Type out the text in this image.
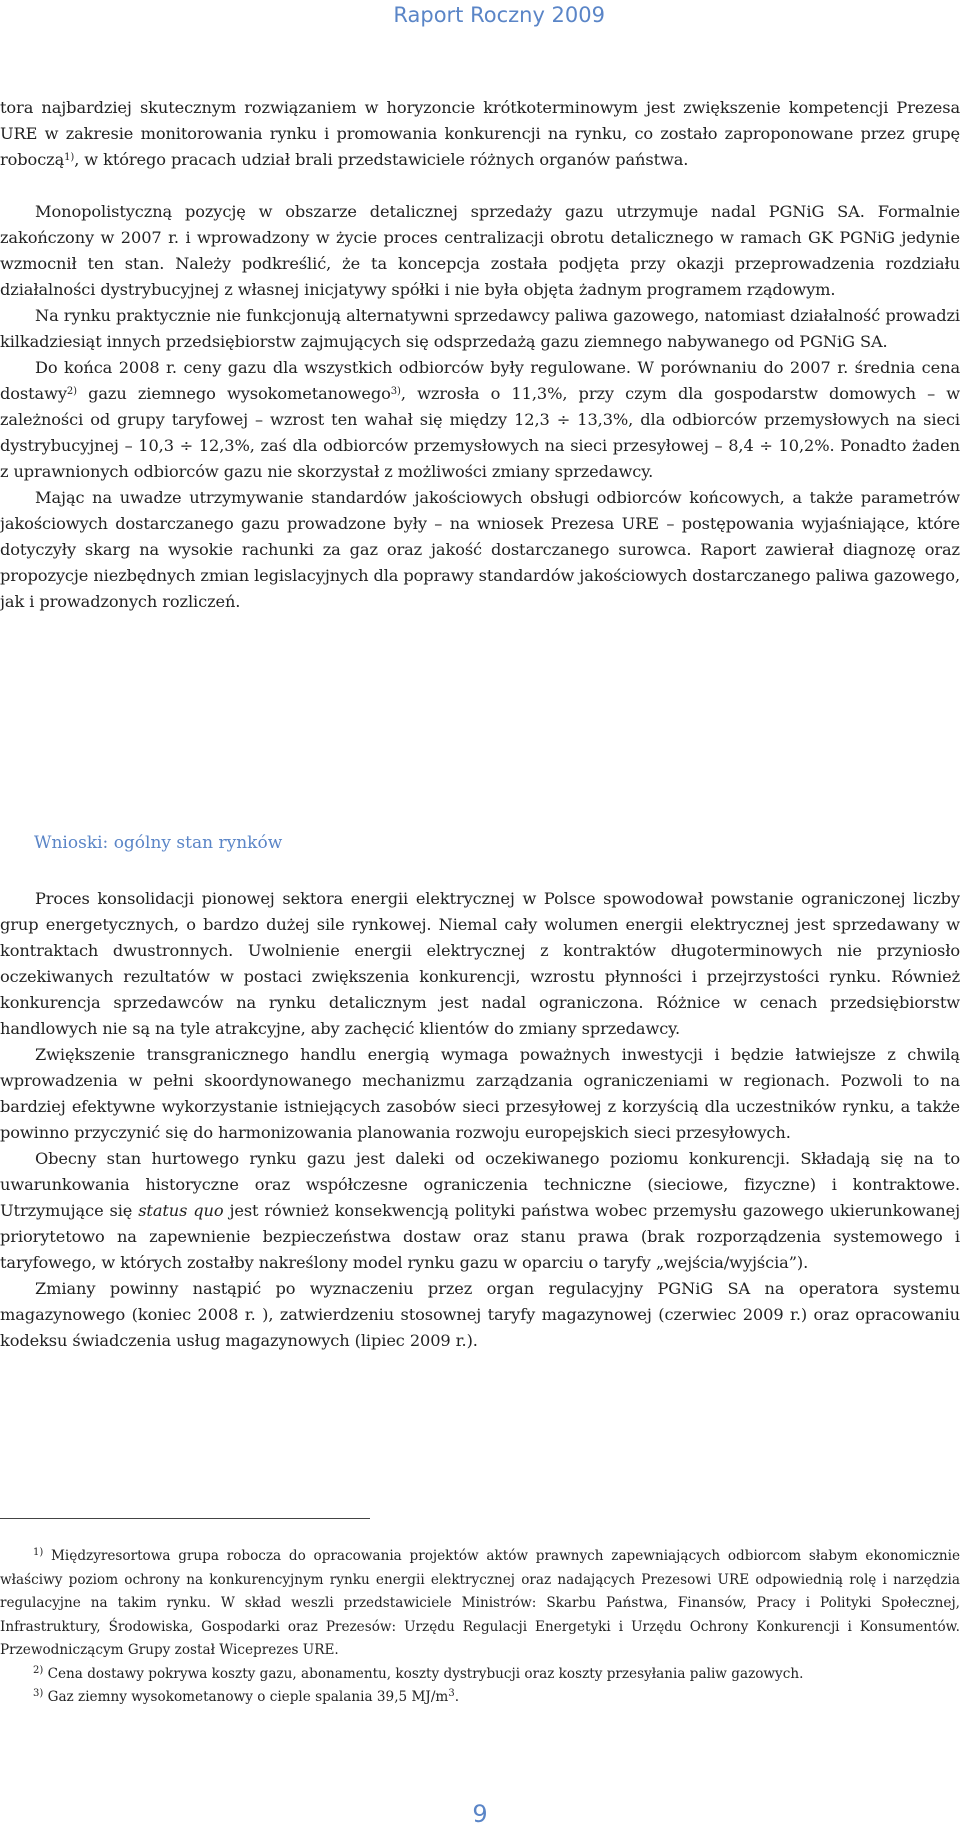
Raport Roczny 2009

tora najbardziej skutecznym rozwiązaniem w horyzoncie krótkoterminowym jest zwiększenie kompetencji Prezesa URE w zakresie monitorowania rynku i promowania konkurencji na rynku, co zostało zaproponowane przez grupę roboczą$^{1)}$, w którego pracach udział brali przedstawiciele różnych organów państwa.

Monopolistyczną pozycję w obszarze detalicznej sprzedaży gazu utrzymuje nadal PGNiG SA. Formalnie zakończony w 2007 r. i wprowadzony w życie proces centralizacji obrotu detalicznego w ramach GK PGNiG jedynie wzmocnił ten stan. Należy podkreślić, że ta koncepcja została podjęta przy okazji przeprowadzenia rozdziału działalności dystrybucyjnej z własnej inicjatywy spółki i nie była objęta żadnym programem rządowym.

Na rynku praktycznie nie funkcjonują alternatywni sprzedawcy paliwa gazowego, natomiast działalność prowadzi kilkadziesiąt innych przedsiębiorstw zajmujących się odsprzedażą gazu ziemnego nabywanego od PGNiG SA.

Do końca 2008 r. ceny gazu dla wszystkich odbiorców były regulowane. W porównaniu do 2007 r. średnia cena dostawy$^{2)}$ gazu ziemnego wysokometanowego$^{3)}$, wzrosła o 11,3%, przy czym dla gospodarstw domowych – w zależności od grupy taryfowej – wzrost ten wahał się między 12,3 ÷ 13,3%, dla odbiorców przemysłowych na sieci dystrybucyjnej – 10,3 ÷ 12,3%, zaś dla odbiorców przemysłowych na sieci przesyłowej – 8,4 ÷ 10,2%. Ponadto żaden z uprawnionych odbiorców gazu nie skorzystał z możliwości zmiany sprzedawcy.

Mając na uwadze utrzymywanie standardów jakościowych obsługi odbiorców końcowych, a także parametrów jakościowych dostarczanego gazu prowadzone były – na wniosek Prezesa URE – postępowania wyjaśniające, które dotyczyły skarg na wysokie rachunki za gaz oraz jakość dostarczanego surowca. Raport zawierał diagnozę oraz propozycje niezbędnych zmian legislacyjnych dla poprawy standardów jakościowych dostarczanego paliwa gazowego, jak i prowadzonych rozliczeń.

Wnioski: ogólny stan rynków

Proces konsolidacji pionowej sektora energii elektrycznej w Polsce spowodował powstanie ograniczonej liczby grup energetycznych, o bardzo dużej sile rynkowej. Niemal cały wolumen energii elektrycznej jest sprzedawany w kontraktach dwustronnych. Uwolnienie energii elektrycznej z kontraktów długoterminowych nie przyniosło oczekiwanych rezultatów w postaci zwiększenia konkurencji, wzrostu płynności i przejrzystości rynku. Również konkurencja sprzedawców na rynku detalicznym jest nadal ograniczona. Różnice w cenach przedsiębiorstw handlowych nie są na tyle atrakcyjne, aby zachęcić klientów do zmiany sprzedawcy.

Zwiększenie transgranicznego handlu energią wymaga poważnych inwestycji i będzie łatwiejsze z chwilą wprowadzenia w pełni skoordynowanego mechanizmu zarządzania ograniczeniami w regionach. Pozwoli to na bardziej efektywne wykorzystanie istniejących zasobów sieci przesyłowej z korzyścią dla uczestników rynku, a także powinno przyczynić się do harmonizowania planowania rozwoju europejskich sieci przesyłowych.

Obecny stan hurtowego rynku gazu jest daleki od oczekiwanego poziomu konkurencji. Składają się na to uwarunkowania historyczne oraz współczesne ograniczenia techniczne (sieciowe, fizyczne) i kontraktowe. Utrzymujące się status quo jest również konsekwencją polityki państwa wobec przemysłu gazowego ukierunkowanej priorytetowo na zapewnienie bezpieczeństwa dostaw oraz stanu prawa (brak rozporządzenia systemowego i taryfowego, w których zostałby nakreślony model rynku gazu w oparciu o taryfy „wejścia/wyjścia”).

Zmiany powinny nastąpić po wyznaczeniu przez organ regulacyjny PGNiG SA na operatora systemu magazynowego (koniec 2008 r. ), zatwierdzeniu stosownej taryfy magazynowej (czerwiec 2009 r.) oraz opracowaniu kodeksu świadczenia usług magazynowych (lipiec 2009 r.).

$^{1)}$ Międzyresortowa grupa robocza do opracowania projektów aktów prawnych zapewniających odbiorcom słabym ekonomicznie właściwy poziom ochrony na konkurencyjnym rynku energii elektrycznej oraz nadających Prezesowi URE odpowiednią rolę i narzędzia regulacyjne na takim rynku. W skład weszli przedstawiciele Ministrów: Skarbu Państwa, Finansów, Pracy i Polityki Społecznej, Infrastruktury, Środowiska, Gospodarki oraz Prezesów: Urzędu Regulacji Energetyki i Urzędu Ochrony Konkurencji i Konsumentów. Przewodniczącym Grupy został Wiceprezes URE.

$^{2)}$ Cena dostawy pokrywa koszty gazu, abonamentu, koszty dystrybucji oraz koszty przesyłania paliw gazowych.

$^{3)}$ Gaz ziemny wysokometanowy o cieple spalania 39,5 $MJ/m^3$.

9
